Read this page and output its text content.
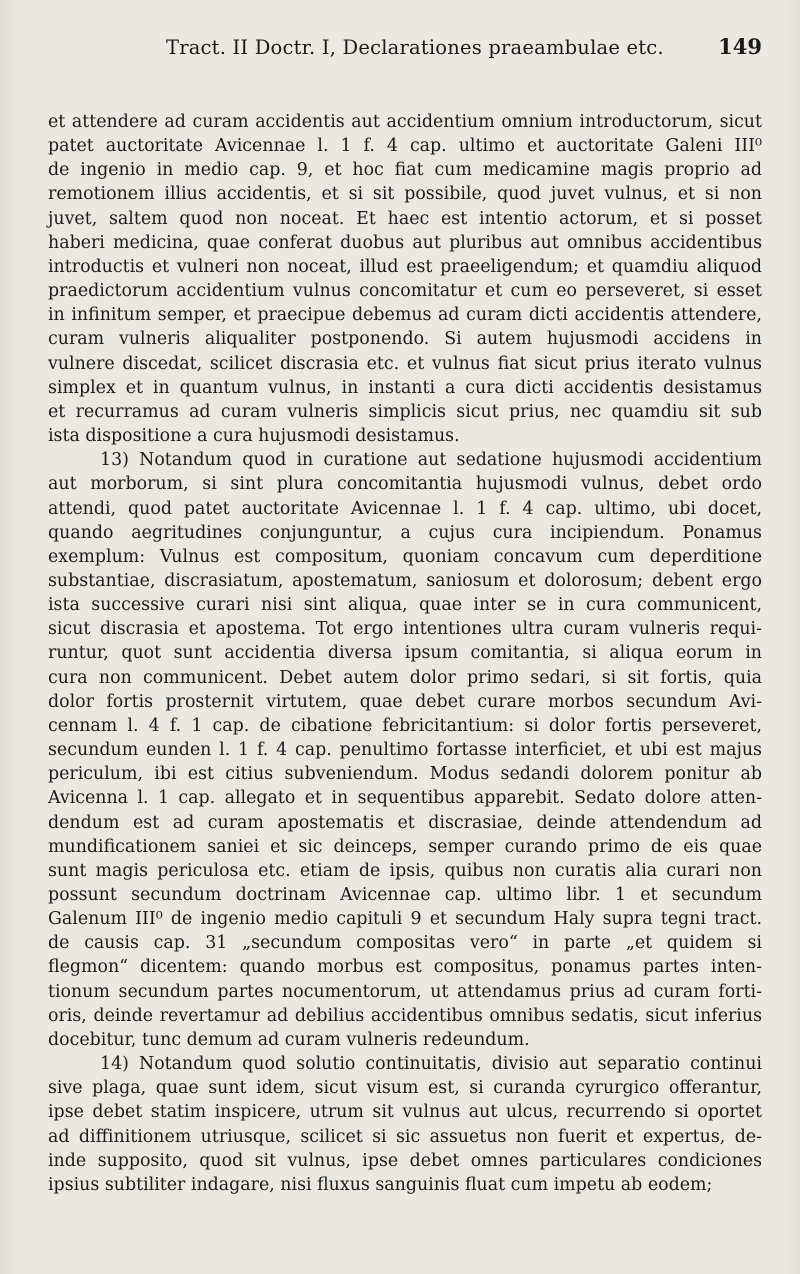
Tract. II Doctr. I, Declarationes praeambulae etc.	149

et attendere ad curam accidentis aut accidentium omnium introductorum, sicut
patet auctoritate Avicennae l. 1 f. 4 cap. ultimo et auctoritate Galeni III⁰
de ingenio in medio cap. 9, et hoc fiat cum medicamine magis proprio ad
remotionem illius accidentis, et si sit possibile, quod juvet vulnus, et si non
juvet, saltem quod non noceat. Et haec est intentio actorum, et si posset
haberi medicina, quae conferat duobus aut pluribus aut omnibus accidentibus
introductis et vulneri non noceat, illud est praeeligendum; et quamdiu aliquod
praedictorum accidentium vulnus concomitatur et cum eo perseveret, si esset
in infinitum semper, et praecipue debemus ad curam dicti accidentis attendere,
curam vulneris aliqualiter postponendo. Si autem hujusmodi accidens in
vulnere discedat, scilicet discrasia etc. et vulnus fiat sicut prius iterato vulnus
simplex et in quantum vulnus, in instanti a cura dicti accidentis desistamus
et recurramus ad curam vulneris simplicis sicut prius, nec quamdiu sit sub
ista dispositione a cura hujusmodi desistamus.

13) Notandum quod in curatione aut sedatione hujusmodi accidentium
aut morborum, si sint plura concomitantia hujusmodi vulnus, debet ordo
attendi, quod patet auctoritate Avicennae l. 1 f. 4 cap. ultimo, ubi docet,
quando aegritudines conjunguntur, a cujus cura incipiendum. Ponamus
exemplum: Vulnus est compositum, quoniam concavum cum deperditione
substantiae, discrasiatum, apostematum, saniosum et dolorosum; debent ergo
ista successive curari nisi sint aliqua, quae inter se in cura communicent,
sicut discrasia et apostema. Tot ergo intentiones ultra curam vulneris requi-
runtur, quot sunt accidentia diversa ipsum comitantia, si aliqua eorum in
cura non communicent. Debet autem dolor primo sedari, si sit fortis, quia
dolor fortis prosternit virtutem, quae debet curare morbos secundum Avi-
cennam l. 4 f. 1 cap. de cibatione febricitantium: si dolor fortis perseveret,
secundum eunden l. 1 f. 4 cap. penultimo fortasse interficiet, et ubi est majus
periculum, ibi est citius subveniendum. Modus sedandi dolorem ponitur ab
Avicenna l. 1 cap. allegato et in sequentibus apparebit. Sedato dolore atten-
dendum est ad curam apostematis et discrasiae, deinde attendendum ad
mundificationem saniei et sic deinceps, semper curando primo de eis quae
sunt magis periculosa etc. etiam de ipsis, quibus non curatis alia curari non
possunt secundum doctrinam Avicennae cap. ultimo libr. 1 et secundum
Galenum III⁰ de ingenio medio capituli 9 et secundum Haly supra tegni tract.
de causis cap. 31 „secundum compositas vero“ in parte „et quidem si
flegmon“ dicentem: quando morbus est compositus, ponamus partes inten-
tionum secundum partes nocumentorum, ut attendamus prius ad curam forti-
oris, deinde revertamur ad debilius accidentibus omnibus sedatis, sicut inferius
docebitur, tunc demum ad curam vulneris redeundum.

14) Notandum quod solutio continuitatis, divisio aut separatio continui
sive plaga, quae sunt idem, sicut visum est, si curanda cyrurgico offerantur,
ipse debet statim inspicere, utrum sit vulnus aut ulcus, recurrendo si oportet
ad diffinitionem utriusque, scilicet si sic assuetus non fuerit et expertus, de-
inde supposito, quod sit vulnus, ipse debet omnes particulares condiciones
ipsius subtiliter indagare, nisi fluxus sanguinis fluat cum impetu ab eodem;
